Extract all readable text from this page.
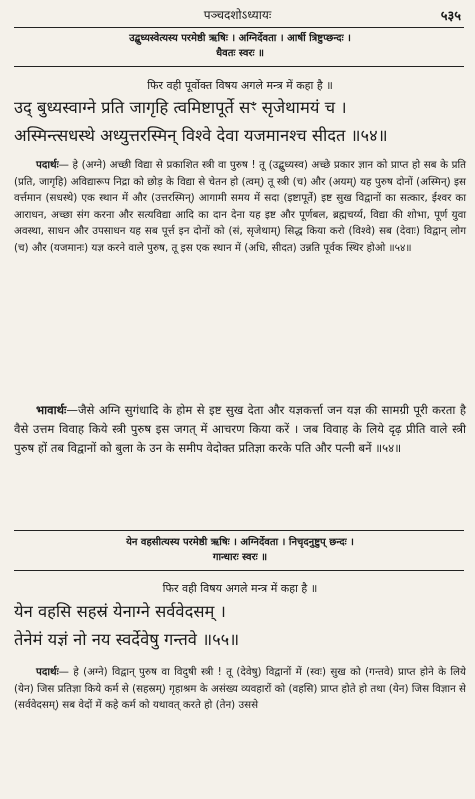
पञ्चदशोऽध्यायः	५३५
उद्बुध्यस्वेत्यस्य परमेष्ठी ऋषिः । अग्निर्देवता । आर्षी त्रिष्टुप्छन्दः ।
धैवतः स्वरः ॥
फिर वही पूर्वोक्त विषय अगले मन्त्र में कहा है ॥
उद् बुध्यस्वाग्ने प्रति जागृहि त्वमिष्टापूर्ते सꣳ सृजेथामयं च ।
अस्मिन्त्सधस्थे अध्युत्तरस्मिन् विश्वे देवा यजमानश्च सीदत ॥५४॥
पदार्थः— हे (अग्ने) अच्छी विद्या से प्रकाशित स्त्री वा पुरुष ! तू (उद्बुध्यस्व) अच्छे प्रकार ज्ञान को प्राप्त हो सब के प्रति (प्रति, जागृहि) अविद्यारूप निद्रा को छोड़ के विद्या से चेतन हो (त्वम्) तू स्त्री (च) और (अयम्) यह पुरुष दोनों (अस्मिन्) इस वर्त्तमान (सधस्थे) एक स्थान में और (उत्तरस्मिन्) आगामी समय में सदा (इष्टापूर्ते) इष्ट सुख विद्वानों का सत्कार, ईश्वर का आराधन, अच्छा संग करना और सत्यविद्या आदि का दान देना यह इष्ट और पूर्णबल, ब्रह्मचर्य्य, विद्या की शोभा, पूर्ण युवा अवस्था, साधन और उपसाधन यह सब पूर्त्त इन दोनों को (सं, सृजेथाम्) सिद्ध किया करो (विश्वे) सब (देवाः) विद्वान् लोग (च) और (यजमानः) यज्ञ करने वाले पुरुष, तू इस एक स्थान में (अधि, सीदत) उन्नति पूर्वक स्थिर होओ ॥५४॥
भावार्थः—जैसे अग्नि सुगंधादि के होम से इष्ट सुख देता और यज्ञकर्त्ता जन यज्ञ की सामग्री पूरी करता है वैसे उत्तम विवाह किये स्त्री पुरुष इस जगत् में आचरण किया करें । जब विवाह के लिये दृढ़ प्रीति वाले स्त्री पुरुष हों तब विद्वानों को बुला के उन के समीप वेदोक्त प्रतिज्ञा करके पति और पत्नी बनें ॥५४॥
येन वहसीत्यस्य परमेष्ठी ऋषिः । अग्निर्देवता । निचृदनुष्टुप् छन्दः ।
गान्धारः स्वरः ॥
फिर वही विषय अगले मन्त्र में कहा है ॥
येन वहसि सहस्रं येनाग्ने सर्ववेदसम् ।
तेनेमं यज्ञं नो नय स्वर्देवेषु गन्तवे ॥५५॥
पदार्थः— हे (अग्ने) विद्वान् पुरुष वा विदुषी स्त्री ! तू (देवेषु) विद्वानों में (स्वः) सुख को (गन्तवे) प्राप्त होने के लिये (येन) जिस प्रतिज्ञा किये कर्म से (सहस्रम्) गृहाश्रम के असंख्य व्यवहारों को (वहसि) प्राप्त होते हो तथा (येन) जिस विज्ञान से (सर्ववेदसम्) सब वेदों में कहे कर्म को यथावत् करते हो (तेन) उससे
